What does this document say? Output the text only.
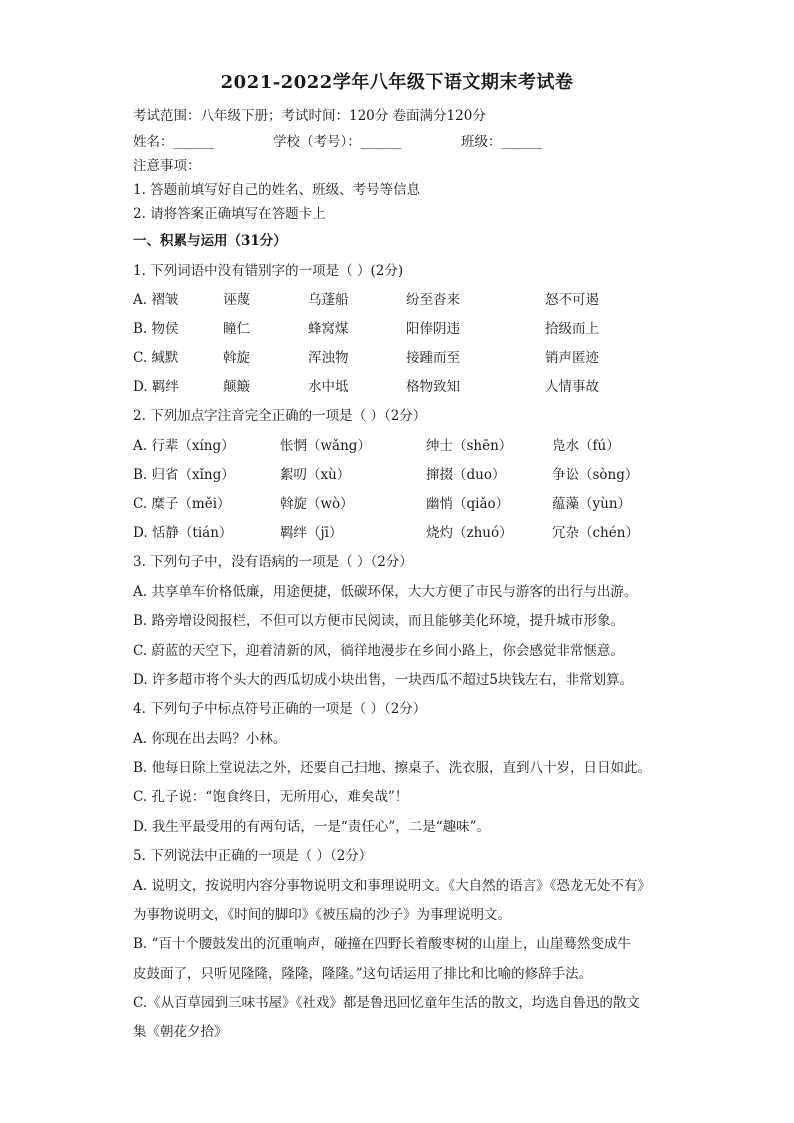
2021-2022学年八年级下语文期末考试卷
考试范围：八年级下册；考试时间：120分 卷面满分120分
姓名：______	学校（考号）：______	班级：______
注意事项：
1. 答题前填写好自己的姓名、班级、考号等信息
2. 请将答案正确填写在答题卡上
一、积累与运用（31分）
1. 下列词语中没有错别字的一项是（ ）(2分)
A. 褶皱	诬蔑	乌蓬船	纷至沓来	怒不可遏
B. 物侯	瞳仁	蜂窝煤	阳俸阴违	拾级而上
C. 缄默	斡旋	浑浊物	接踵而至	销声匿迹
D. 羁绊	颠簸	水中坻	格物致知	人情事故
2. 下列加点字注音完全正确的一项是（ ）（2分）
A. 行辈（xíng）	怅惘（wǎng）	绅士（shēn）	凫水（fú）
B. 归省（xǐng）	絮叨（xù）	撺掇（duo）	争讼（sòng）
C. 糜子（měi）	斡旋（wò）	幽悄（qiǎo）	蕴藻（yùn）
D. 恬静（tián）	羁绊（jī）	烧灼（zhuó）	冗杂（chén）
3. 下列句子中，没有语病的一项是（ ）（2分）
A. 共享单车价格低廉，用途便捷，低碳环保，大大方便了市民与游客的出行与出游。
B. 路旁增设阅报栏，不但可以方便市民阅读，而且能够美化环境，提升城市形象。
C. 蔚蓝的天空下，迎着清新的风，徜徉地漫步在乡间小路上，你会感觉非常惬意。
D. 许多超市将个头大的西瓜切成小块出售，一块西瓜不超过5块钱左右，非常划算。
4. 下列句子中标点符号正确的一项是（ ）（2分）
A. 你现在出去吗？小林。
B. 他每日除上堂说法之外，还要自己扫地、擦桌子、洗衣服，直到八十岁，日日如此。
C. 孔子说：“饱食终日，无所用心，难矣哉”！
D. 我生平最受用的有两句话，一是“责任心”，二是“趣味”。
5. 下列说法中正确的一项是（ ）（2分）
A. 说明文，按说明内容分事物说明文和事理说明文。《大自然的语言》《恐龙无处不有》
为事物说明文，《时间的脚印》《被压扁的沙子》为事理说明文。
B. “百十个腰鼓发出的沉重响声，碰撞在四野长着酸枣树的山崖上，山崖蓦然变成牛
皮鼓面了，只听见隆隆，隆隆，隆隆。”这句话运用了排比和比喻的修辞手法。
C.《从百草园到三味书屋》《社戏》都是鲁迅回忆童年生活的散文，均选自鲁迅的散文
集《朝花夕拾》
